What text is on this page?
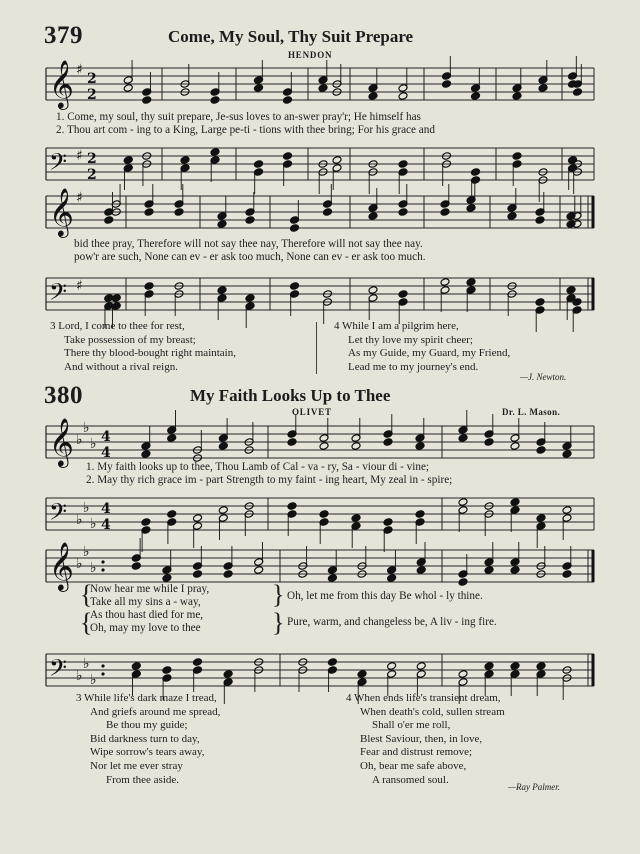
379	Come, My Soul, Thy Suit Prepare
HENDON
𝄞 ♯
2
2
1. Come, my soul, thy suit prepare, Je-sus loves to an-swer pray'r; He himself has
2. Thou art com - ing to a King, Large pe-ti - tions with thee bring; For his grace and
𝄢 ♯ 2
2
𝄞 ♯
bid thee pray, Therefore will not say thee nay, Therefore will not say thee nay.
pow'r are such, None can ev - er ask too much, None can ev - er ask too much.
𝄢 ♯
3 Lord, I come to thee for rest,
Take possession of my breast;
There thy blood-bought right maintain,
And without a rival reign.
4 While I am a pilgrim here,
Let thy love my spirit cheer;
As my Guide, my Guard, my Friend,
Lead me to my journey's end.
—J. Newton.
380	My Faith Looks Up to Thee
OLIVET	Dr. L. Mason.
𝄞 ♭
♭
♭ 4
4
1. My faith looks up to thee, Thou Lamb of Cal - va - ry, Sa - viour di - vine;
2. May thy rich grace im - part Strength to my faint - ing heart, My zeal in - spire;
𝄢 ♭
♭
♭
4
4
𝄞 ♭
♭
♭
{
{
Now hear me while I pray,
Take all my sins a - way,
As thou hast died for me,
Oh, may my love to thee
}
}
Oh, let me from this day Be whol - ly thine.
Pure, warm, and changeless be, A liv - ing fire.
𝄢 ♭
♭
♭
3 While life's dark maze I tread,
And griefs around me spread,
Be thou my guide;
Bid darkness turn to day,
Wipe sorrow's tears away,
Nor let me ever stray
From thee aside.
4 When ends life's transient dream,
When death's cold, sullen stream
Shall o'er me roll,
Blest Saviour, then, in love,
Fear and distrust remove;
Oh, bear me safe above,
A ransomed soul.
—Ray Palmer.
